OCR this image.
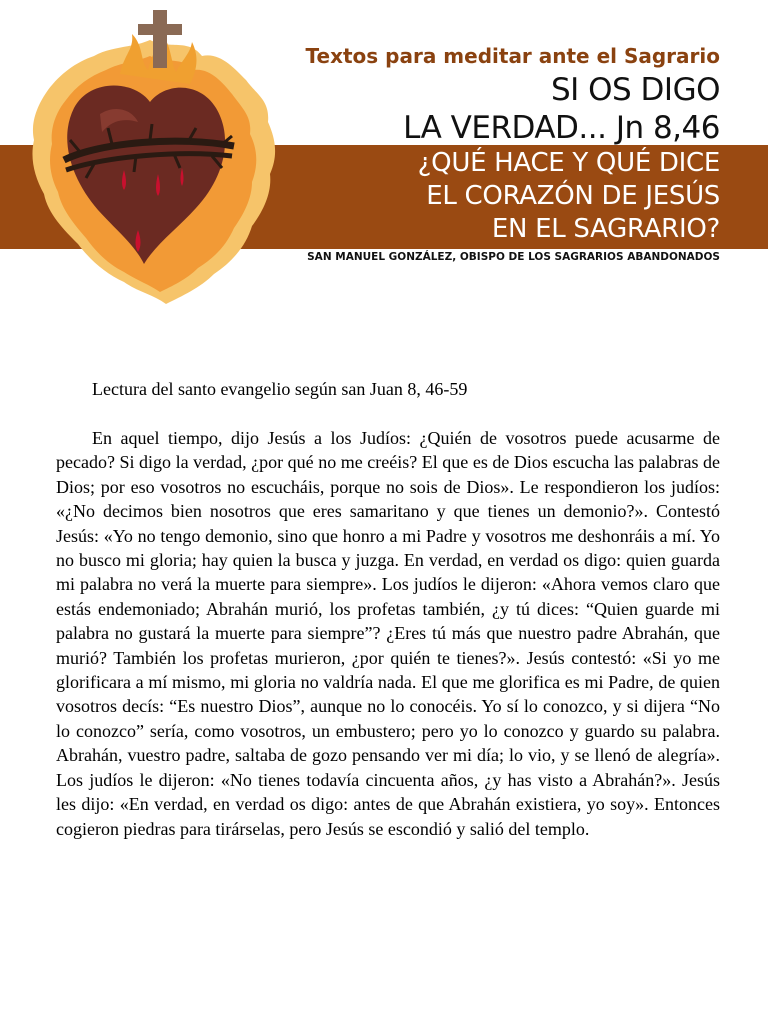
Textos para meditar ante el Sagrario
SI OS DIGO
LA VERDAD... Jn 8,46
¿QUÉ HACE Y QUÉ DICE
EL CORAZÓN DE JESÚS
EN EL SAGRARIO?
SAN MANUEL GONZÁLEZ, OBISPO DE LOS SAGRARIOS ABANDONADOS
Lectura del santo evangelio según san Juan 8, 46-59

En aquel tiempo, dijo Jesús a los Judíos: ¿Quién de vosotros puede acusarme de pecado? Si digo la verdad, ¿por qué no me creéis? El que es de Dios escucha las palabras de Dios; por eso vosotros no escucháis, porque no sois de Dios». Le respondieron los judíos: «¿No decimos bien nosotros que eres samaritano y que tienes un demonio?». Contestó Jesús: «Yo no tengo demonio, sino que honro a mi Padre y vosotros me deshonráis a mí. Yo no busco mi gloria; hay quien la busca y juzga. En verdad, en verdad os digo: quien guarda mi palabra no verá la muerte para siempre». Los judíos le dijeron: «Ahora vemos claro que estás endemoniado; Abrahán murió, los profetas también, ¿y tú dices: “Quien guarde mi palabra no gustará la muerte para siempre”? ¿Eres tú más que nuestro padre Abrahán, que murió? También los profetas murieron, ¿por quién te tienes?». Jesús contestó: «Si yo me glorificara a mí mismo, mi gloria no valdría nada. El que me glorifica es mi Padre, de quien vosotros decís: “Es nuestro Dios”, aunque no lo conocéis. Yo sí lo conozco, y si dijera “No lo conozco” sería, como vosotros, un embustero; pero yo lo conozco y guardo su palabra. Abrahán, vuestro padre, saltaba de gozo pensando ver mi día; lo vio, y se llenó de alegría». Los judíos le dijeron: «No tienes todavía cincuenta años, ¿y has visto a Abrahán?». Jesús les dijo: «En verdad, en verdad os digo: antes de que Abrahán existiera, yo soy». Entonces cogieron piedras para tirárselas, pero Jesús se escondió y salió del templo.
